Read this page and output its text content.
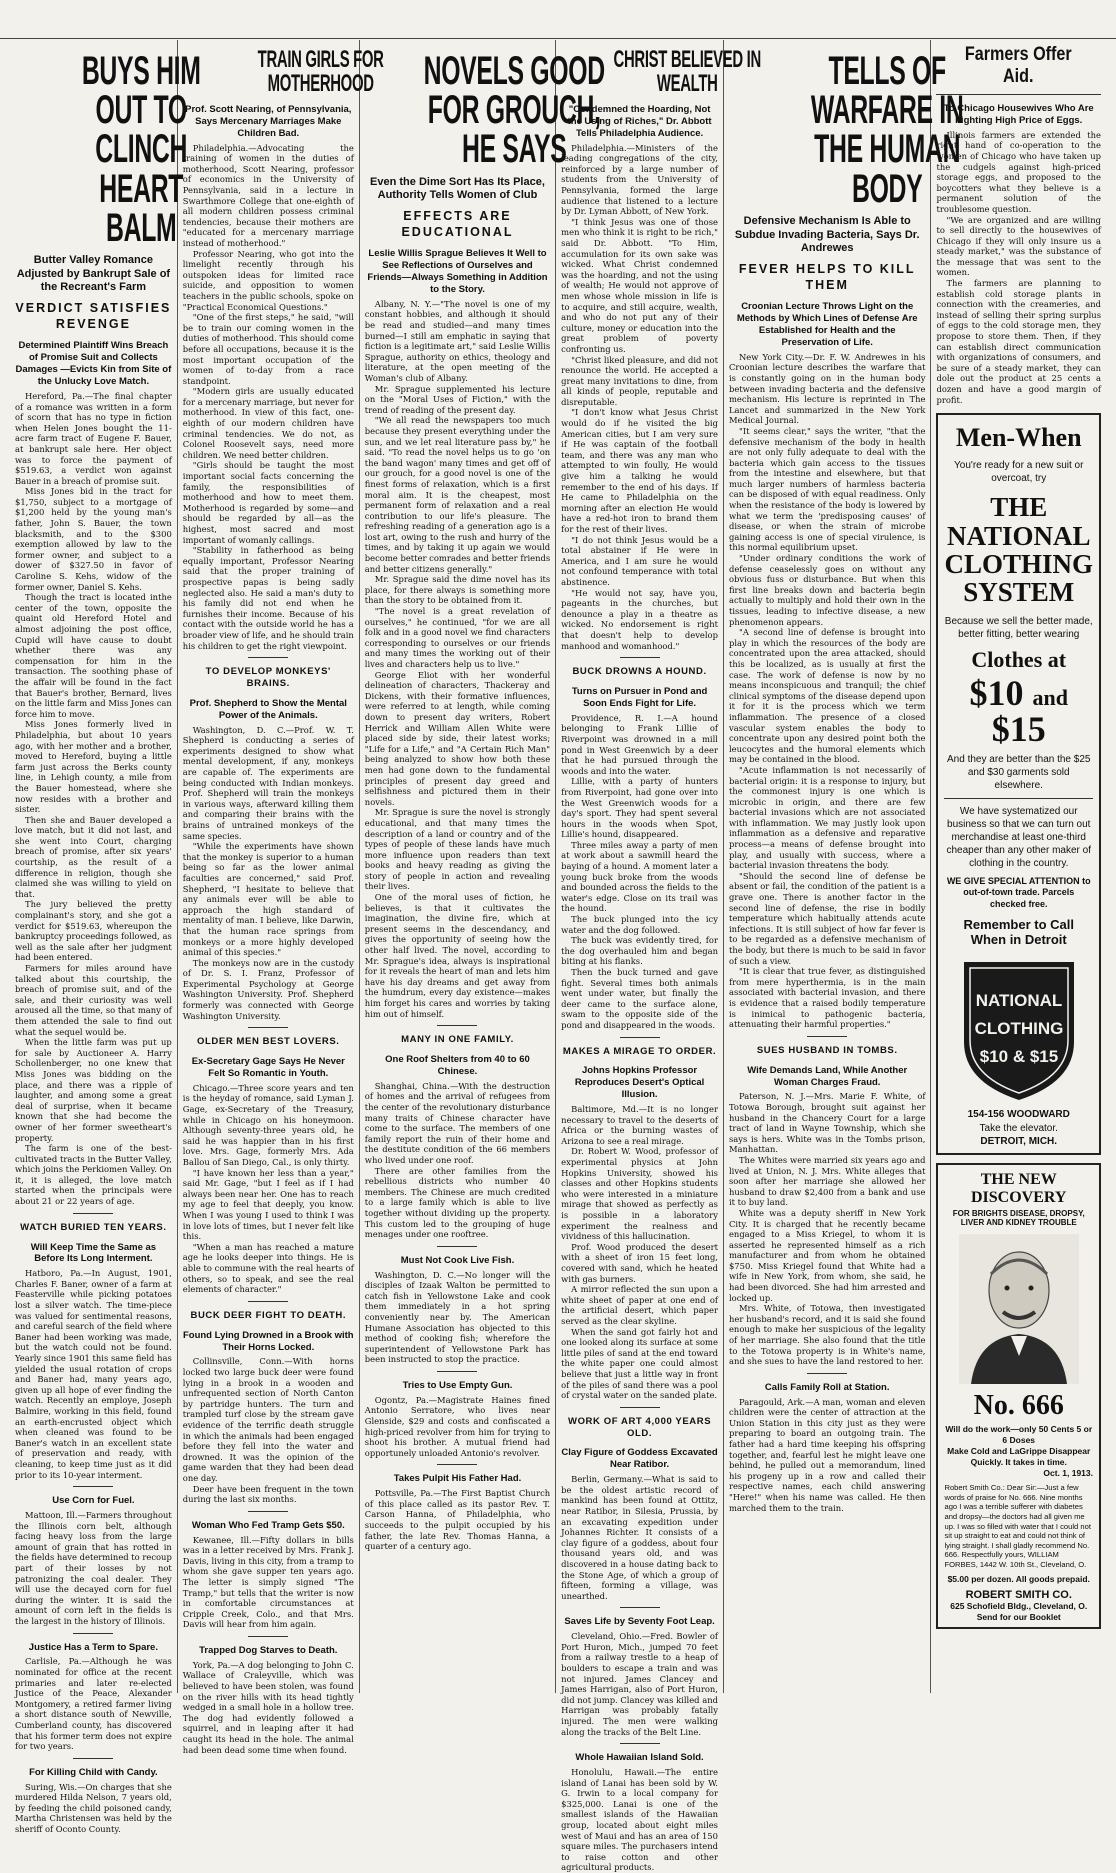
BUYS HIM OUT TO CLINCH HEART BALM
Butter Valley Romance Adjusted by Bankrupt Sale of the Recreant's Farm
VERDICT SATISFIES REVENGE
Determined Plaintiff Wins Breach of Promise Suit and Collects Damages —Evicts Kin from Site of the Unlucky Love Match.

Hereford, Pa.—The final chapter of a romance was written in a form of scorn that has no type in fiction when Helen Jones bought the 11-acre farm tract of Eugene F. Bauer, at bankrupt sale here. Her object was to force the payment of $519.63, a verdict won against Bauer in a breach of promise suit.

Miss Jones bid in the tract for $1,750, subject to a mortgage of $1,200 held by the young man's father, John S. Bauer, the town blacksmith, and to the $300 exemption allowed by law to the former owner, and subject to a dower of $327.50 in favor of Caroline S. Kehs, widow of the former owner, Daniel S. Kehs.

Though the tract is located inthe center of the town, opposite the quaint old Hereford Hotel and almost adjoining the post office, Cupid will have cause to doubt whether there was any compensation for him in the transaction. The soothing phase of the affair will be found in the fact that Bauer's brother, Bernard, lives on the little farm and Miss Jones can force him to move.

Miss Jones formerly lived in Philadelphia, but about 10 years ago, with her mother and a brother, moved to Hereford, buying a little farm just across the Berks county line, in Lehigh county, a mile from the Bauer homestead, where she now resides with a brother and sister.

Then she and Bauer developed a love match, but it did not last, and she went into Court, charging breach of promise, after six years' courtship, as the result of a difference in religion, though she claimed she was willing to yield on that.

The jury believed the pretty complainant's story, and she got a verdict for $519.63, whereupon the bankruptcy proceedings followed, as well as the sale after her judgment had been entered.

Farmers for miles around have talked about this courtship, the breach of promise suit, and of the sale, and their curiosity was well aroused all the time, so that many of them attended the sale to find out what the sequel would be.

When the little farm was put up for sale by Auctioneer A. Harry Schollenberger, no one knew that Miss Jones was bidding on the place, and there was a ripple of laughter, and among some a great deal of surprise, when it became known that she had become the owner of her former sweetheart's property.

The farm is one of the best-cultivated tracts in the Butter Valley, which joins the Perkiomen Valley. On it, it is alleged, the love match started when the principals were about 21 or 22 years of age.

WATCH BURIED TEN YEARS.
Will Keep Time the Same as Before Its Long Interment.

Hatboro, Pa.—In August, 1901, Charles F. Baner, owner of a farm at Feasterville while picking potatoes lost a silver watch. The time-piece was valued for sentimental reasons, and careful search of the field where Baner had been working was made, but the watch could not be found. Yearly since 1901 this same field has yielded the usual rotation of crops and Baner had, many years ago, given up all hope of ever finding the watch. Recently an employe, Joseph Balmire, working in this field, found an earth-encrusted object which when cleaned was found to be Baner's watch in an excellent state of preservation and ready, with cleaning, to keep time just as it did prior to its 10-year interment.

Use Corn for Fuel.

Mattoon, Ill.—Farmers throughout the Illinois corn belt, although facing heavy loss from the large amount of grain that has rotted in the fields have determined to recoup part of their losses by not patronizing the coal dealer. They will use the decayed corn for fuel during the winter. It is said the amount of corn left in the fields is the largest in the history of Illinois.

Justice Has a Term to Spare.

Carlisle, Pa.—Although he was nominated for office at the recent primaries and later re-elected Justice of the Peace, Alexander Montgomery, a retired farmer living a short distance south of Newville, Cumberland county, has discovered that his former term does not expire for two years.

For Killing Child with Candy.

Suring, Wis.—On charges that she murdered Hilda Nelson, 7 years old, by feeding the child poisoned candy, Martha Christensen was held by the sheriff of Oconto County.

TRAIN GIRLS FOR MOTHERHOOD
Prof. Scott Nearing, of Pennsylvania, Says Mercenary Marriages Make Children Bad.

Philadelphia.—Advocating the training of women in the duties of motherhood, Scott Nearing, professor of economics in the University of Pennsylvania, said in a lecture in Swarthmore College that one-eighth of all modern children possess criminal tendencies, because their mothers are "educated for a mercenary marriage instead of motherhood."

Professor Nearing, who got into the limelight recently through his outspoken ideas for limited race suicide, and opposition to women teachers in the public schools, spoke on "Practical Economical Questions."

"One of the first steps," he said, "will be to train our coming women in the duties of motherhood. This should come before all occupations, because it is the most important occupation of the women of to-day from a race standpoint.

"Modern girls are usually educated for a mercenary marriage, but never for motherhood. In view of this fact, one-eighth of our modern children have criminal tendencies. We do not, as Colonel Roosevelt says, need more children. We need better children.

"Girls should be taught the most important social facts concerning the family, the responsibilities of motherhood and how to meet them. Motherhood is regarded by some—and should be regarded by all—as the highest, most sacred and most important of womanly callings.

"Stability in fatherhood as being equally important, Professor Nearing said that the proper training of prospective papas is being sadly neglected also. He said a man's duty to his family did not end when he furnishes their income. Because of his contact with the outside world he has a broader view of life, and he should train his children to get the right viewpoint.

TO DEVELOP MONKEYS' BRAINS.
Prof. Shepherd to Show the Mental Power of the Animals.

Washington, D. C.—Prof. W. T. Shepherd is conducting a series of experiments designed to show what mental development, if any, monkeys are capable of. The experiments are being conducted with Indian monkeys. Prof. Shepherd will train the monkeys in various ways, afterward killing them and comparing their brains with the brains of untrained monkeys of the same species.

"While the experiments have shown that the monkey is superior to a human being so far as the lower animal faculties are concerned," said Prof. Shepherd, "I hesitate to believe that any animals ever will be able to approach the high standard of mentality of man. I believe, like Darwin, that the human race springs from monkeys or a more highly developed animal of this species."

The monkeys now are in the custody of Dr. S. I. Franz, Professor of Experimental Psychology at George Washington University. Prof. Shepherd formerly was connected with George Washington University.

OLDER MEN BEST LOVERS.
Ex-Secretary Gage Says He Never Felt So Romantic in Youth.

Chicago.—Three score years and ten is the heyday of romance, said Lyman J. Gage, ex-Secretary of the Treasury, while in Chicago on his honeymoon. Although seventy-three years old, he said he was happier than in his first love. Mrs. Gage, formerly Mrs. Ada Ballou of San Diego, Cal., is only thirty.

"I have known her less than a year," said Mr. Gage, "but I feel as if I had always been near her. One has to reach my age to feel that deeply, you know. When I was young I used to think I was in love lots of times, but I never felt like this.

"When a man has reached a mature age he looks deeper into things. He is able to commune with the real hearts of others, so to speak, and see the real elements of character."

BUCK DEER FIGHT TO DEATH.
Found Lying Drowned in a Brook with Their Horns Locked.

Collinsville, Conn.—With horns locked two large buck deer were found lying in a brook in a wooden and unfrequented section of North Canton by partridge hunters. The turn and trampled turf close by the stream gave evidence of the terrific death struggle in which the animals had been engaged before they fell into the water and drowned. It was the opinion of the game warden that they had been dead one day.

Deer have been frequent in the town during the last six months.

Woman Who Fed Tramp Gets $50.

Kewanee, Ill.—Fifty dollars in bills was in a letter received by Mrs. Frank J. Davis, living in this city, from a tramp to whom she gave supper ten years ago. The letter is simply signed "The Tramp," but tells that the writer is now in comfortable circumstances at Cripple Creek, Colo., and that Mrs. Davis will hear from him again.

Trapped Dog Starves to Death.

York, Pa.—A dog belonging to John C. Wallace of Craleyville, which was believed to have been stolen, was found on the river hills with its head tightly wedged in a small hole in a hollow tree. The dog had evidently followed a squirrel, and in leaping after it had caught its head in the hole. The animal had been dead some time when found.

NOVELS GOOD FOR GROUCH, HE SAYS
Even the Dime Sort Has Its Place, Authority Tells Women of Club
EFFECTS ARE EDUCATIONAL
Leslie Willis Sprague Believes It Well to See Reflections of Ourselves and Friends—Always Something in Addition to the Story.

Albany, N. Y.—"The novel is one of my constant hobbies, and although it should be read and studied—and many times burned—I still am emphatic in saying that fiction is a legitimate art," said Leslie Willis Sprague, authority on ethics, theology and literature, at the open meeting of the Woman's club of Albany.

Mr. Sprague supplemented his lecture on the "Moral Uses of Fiction," with the trend of reading of the present day.

"We all read the newspapers too much because they present everything under the sun, and we let real literature pass by," he said. "To read the novel helps us to go 'on the band wagon' many times and get off of our grouch, for a good novel is one of the finest forms of relaxation, which is a first moral aim. It is the cheapest, most permanent form of relaxation and a real contribution to our life's pleasure. The refreshing reading of a generation ago is a lost art, owing to the rush and hurry of the times, and by taking it up again we would become better comrades and better friends and better citizens generally."

Mr. Sprague said the dime novel has its place, for there always is something more than the story to be obtained from it.

"The novel is a great revelation of ourselves," he continued, "for we are all folk and in a good novel we find characters corresponding to ourselves or our friends and many times the working out of their lives and characters help us to live."

George Eliot with her wonderful delineation of characters, Thackeray and Dickens, with their formative influences, were referred to at length, while coming down to present day writers, Robert Herrick and William Allen White were placed side by side, their latest works; "Life for a Life," and "A Certain Rich Man" being analyzed to show how both these men had gone down to the fundamental principles of present day greed and selfishness and pictured them in their novels.

Mr. Sprague is sure the novel is strongly educational, and that many times the description of a land or country and of the types of people of these lands have much more influence upon readers than text books and heavy reading as giving the story of people in action and revealing their lives.

One of the moral uses of fiction, he believes, is that it cultivates the imagination, the divine fire, which at present seems in the descendancy, and gives the opportunity of seeing how the other half lived. The novel, according to Mr. Sprague's idea, always is inspirational for it reveals the heart of man and lets him have his day dreams and get away from the humdrum, every day existence—makes him forget his cares and worries by taking him out of himself.

MANY IN ONE FAMILY.
One Roof Shelters from 40 to 60 Chinese.

Shanghai, China.—With the destruction of homes and the arrival of refugees from the center of the revolutionary disturbance many traits of Chinese character have come to the surface. The members of one family report the ruin of their home and the destitute condition of the 66 members who lived under one roof.

There are other families from the rebellious districts who number 40 members. The Chinese are much credited to a large family which is able to live together without dividing up the property. This custom led to the grouping of huge menages under one rooftree.

Must Not Cook Live Fish.

Washington, D. C.—No longer will the disciples of Izaak Walton be permitted to catch fish in Yellowstone Lake and cook them immediately in a hot spring conveniently near by. The American Humane Association has objected to this method of cooking fish; wherefore the superintendent of Yellowstone Park has been instructed to stop the practice.

Tries to Use Empty Gun.

Ogontz, Pa.—Magistrate Haines fined Antonio Serratore, who lives near Glenside, $29 and costs and confiscated a high-priced revolver from him for trying to shoot his brother. A mutual friend had opportunely unloaded Antonio's revolver.

Takes Pulpit His Father Had.

Pottsville, Pa.—The First Baptist Church of this place called as its pastor Rev. T. Carson Hanna, of Philadelphia, who succeeds to the pulpit occupied by his father, the late Rev. Thomas Hanna, a quarter of a century ago.

CHRIST BELIEVED IN WEALTH
"Condemned the Hoarding, Not the Using of Riches," Dr. Abbott Tells Philadelphia Audience.

Philadelphia.—Ministers of the leading congregations of the city, reinforced by a large number of students from the University of Pennsylvania, formed the large audience that listened to a lecture by Dr. Lyman Abbott, of New York.

"I think Jesus was one of those men who think it is right to be rich," said Dr. Abbott. "To Him, accumulation for its own sake was wicked. What Christ condemned was the hoarding, and not the using of wealth; He would not approve of men whose whole mission in life is to acquire, and still acquire, wealth, and who do not put any of their culture, money or education into the great problem of poverty confronting us.

"Christ liked pleasure, and did not renounce the world. He accepted a great many invitations to dine, from all kinds of people, reputable and disreputable.

"I don't know what Jesus Christ would do if he visited the big American cities, but I am very sure if He was captain of the football team, and there was any man who attempted to win foully, He would give him a talking he would remember to the end of his days. If He came to Philadelphia on the morning after an election He would have a red-hot iron to brand them for the rest of their lives.

"I do not think Jesus would be a total abstainer if He were in America, and I am sure he would not confound temperance with total abstinence.

"He would not say, have you, pageants in the churches, but denounce a play in a theatre as wicked. No endorsement is right that doesn't help to develop manhood and womanhood."

BUCK DROWNS A HOUND.
Turns on Pursuer in Pond and Soon Ends Fight for Life.

Providence, R. I.—A hound belonging to Frank Lillie of Riverpoint was drowned in a mill pond in West Greenwich by a deer that he had pursued through the woods and into the water.

Lillie, with a party of hunters from Riverpoint, had gone over into the West Greenwich woods for a day's sport. They had spent several hours in the woods when Spot, Lillie's hound, disappeared.

Three miles away a party of men at work about a sawmill heard the baying of a hound. A moment later a young buck broke from the woods and bounded across the fields to the water's edge. Close on its trail was the hound.

The buck plunged into the icy water and the dog followed.

The buck was evidently tired, for the dog overhauled him and began biting at his flanks.

Then the buck turned and gave fight. Several times both animals went under water, but finally the deer came to the surface alone, swam to the opposite side of the pond and disappeared in the woods.

MAKES A MIRAGE TO ORDER.
Johns Hopkins Professor Reproduces Desert's Optical Illusion.

Baltimore, Md.—It is no longer necessary to travel to the deserts of Africa or the burning wastes of Arizona to see a real mirage.

Dr. Robert W. Wood, professor of experimental physics at John Hopkins University, showed his classes and other Hopkins students who were interested in a miniature mirage that showed as perfectly as is possible in a laboratory experiment the realness and vividness of this hallucination.

Prof. Wood produced the desert with a sheet of iron 15 feet long, covered with sand, which he heated with gas burners.

A mirror reflected the sun upon a white sheet of paper at one end of the artificial desert, which paper served as the clear skyline.

When the sand got fairly hot and one looked along its surface at some little piles of sand at the end toward the white paper one could almost believe that just a little way in front of the piles of sand there was a pool of crystal water on the sanded plate.

WORK OF ART 4,000 YEARS OLD.
Clay Figure of Goddess Excavated Near Ratibor.

Berlin, Germany.—What is said to be the oldest artistic record of mankind has been found at Ottitz, near Ratibor, in Silesia, Prussia, by an excavating expedition under Johannes Richter. It consists of a clay figure of a goddess, about four thousand years old, and was discovered in a house dating back to the Stone Age, of which a group of fifteen, forming a village, was unearthed.

Saves Life by Seventy Foot Leap.

Cleveland, Ohio.—Fred. Bowler of Port Huron, Mich., jumped 70 feet from a railway trestle to a heap of boulders to escape a train and was not injured. James Clancey and James Harrigan, also of Port Huron, did not jump. Clancey was killed and Harrigan was probably fatally injured. The men were walking along the tracks of the Belt Line.

Whole Hawaiian Island Sold.

Honolulu, Hawaii.—The entire island of Lanai has been sold by W. G. Irwin to a local company for $325,000. Lanai is one of the smallest islands of the Hawaiian group, located about eight miles west of Maui and has an area of 150 square miles. The purchasers intend to raise cotton and other agricultural products.

TELLS OF WARFARE IN THE HUMAN BODY
Defensive Mechanism Is Able to Subdue Invading Bacteria, Says Dr. Andrewes
FEVER HELPS TO KILL THEM
Croonian Lecture Throws Light on the Methods by Which Lines of Defense Are Established for Health and the Preservation of Life.

New York City.—Dr. F. W. Andrewes in his Croonian lecture describes the warfare that is constantly going on in the human body between invading bacteria and the defensive mechanism. His lecture is reprinted in The Lancet and summarized in the New York Medical Journal.

"It seems clear," says the writer, "that the defensive mechanism of the body in health are not only fully adequate to deal with the bacteria which gain access to the tissues from the intestine and elsewhere, but that much larger numbers of harmless bacteria can be disposed of with equal readiness. Only when the resistance of the body is lowered by what we term the 'predisposing causes' of disease, or when the strain of microbe gaining access is one of special virulence, is this normal equilibrium upset.

"Under ordinary conditions the work of defense ceaselessly goes on without any obvious fuss or disturbance. But when this first line breaks down and bacteria begin actually to multiply and hold their own in the tissues, leading to infective disease, a new phenomenon appears.

"A second line of defense is brought into play in which the resources of the body are concentrated upon the area attacked, should this be localized, as is usually at first the case. The work of defense is now by no means inconspicuous and tranquil; the chief clinical symptoms of the disease depend upon it for it is the process which we term inflammation. The presence of a closed vascular system enables the body to concentrate upon any desired point both the leucocytes and the humoral elements which may be contained in the blood.

"Acute inflammation is not necessarily of bacterial origin: it is a response to injury, but the commonest injury is one which is microbic in origin, and there are few bacterial invasions which are not associated with inflammation. We may justly look upon inflammation as a defensive and reparative process—a means of defense brought into play, and usually with success, where a bacterial invasion threatens the body.

"Should the second line of defense be absent or fail, the condition of the patient is a grave one. There is another factor in the second line of defense, the rise in bodily temperature which habitually attends acute infections. It is still subject of how far fever is to be regarded as a defensive mechanism of the body, but there is much to be said in favor of such a view.

"It is clear that true fever, as distinguished from mere hyperthermia, is in the main associated with bacterial invasion, and there is evidence that a raised bodily temperature is inimical to pathogenic bacteria, attenuating their harmful properties."

SUES HUSBAND IN TOMBS.
Wife Demands Land, While Another Woman Charges Fraud.

Paterson, N. J.—Mrs. Marie F. White, of Totowa Borough, brought suit against her husband in the Chancery Court for a large tract of land in Wayne Township, which she says is hers. White was in the Tombs prison, Manhattan.

The Whites were married six years ago and lived at Union, N. J. Mrs. White alleges that soon after her marriage she allowed her husband to draw $2,400 from a bank and use it to buy land.

White was a deputy sheriff in New York City. It is charged that he recently became engaged to a Miss Kriegel, to whom it is asserted he represented himself as a rich manufacturer and from whom he obtained $750. Miss Kriegel found that White had a wife in New York, from whom, she said, he had been divorced. She had him arrested and locked up.

Mrs. White, of Totowa, then investigated her husband's record, and it is said she found enough to make her suspicious of the legality of her marriage. She also found that the title to the Totowa property is in White's name, and she sues to have the land restored to her.

Calls Family Roll at Station.

Paragould, Ark.—A man, woman and eleven children were the center of attraction at the Union Station in this city just as they were preparing to board an outgoing train. The father had a hard time keeping his offspring together, and, fearful lest he might leave one behind, he pulled out a memorandum, lined his progeny up in a row and called their respective names, each child answering "Here!" when his name was called. He then marched them to the train.

Farmers Offer Aid.
To Chicago Housewives Who Are Fighting High Price of Eggs.

Illinois farmers are extended the right hand of co-operation to the women of Chicago who have taken up the cudgels against high-priced storage eggs, and proposed to the boycotters what they believe is a permanent solution of the troublesome question.

"We are organized and are willing to sell directly to the housewives of Chicago if they will only insure us a steady market," was the substance of the message that was sent to the women.

The farmers are planning to establish cold storage plants in connection with the creameries, and instead of selling their spring surplus of eggs to the cold storage men, they propose to store them. Then, if they can establish direct communication with organizations of consumers, and be sure of a steady market, they can dole out the product at 25 cents a dozen and have a good margin of profit.

Men-When
You're ready for a new suit or overcoat, try
THE NATIONAL CLOTHING SYSTEM
Because we sell the better made, better fitting, better wearing
Clothes at
$10 and $15
And they are better than the $25 and $30 garments sold elsewhere.
We have systematized our business so that we can turn out merchandise at least one-third cheaper than any other maker of clothing in the country.
WE GIVE SPECIAL ATTENTION to out-of-town trade. Parcels checked free.
Remember to Call When in Detroit
NATIONAL
CLOTHING
$10 & $15
154-156 WOODWARD
Take the elevator.
DETROIT, MICH.
THE NEW DISCOVERY
FOR BRIGHTS DISEASE, DROPSY, LIVER AND KIDNEY TROUBLE
No. 666
Will do the work—only 50 Cents 5 or 6 Doses
Make Cold and LaGrippe Disappear Quickly. It takes in time.
Oct. 1, 1913.
Robert Smith Co.: Dear Sir:—Just a few words of praise for No. 666. Nine months ago I was a terrible sufferer with diabetes and dropsy—the doctors had all given me up. I was so filled with water that I could not sit up straight to eat and could not think of lying straight. I shall gladly recommend No. 666. Respectfully yours, WILLIAM FORBES, 1442 W. 10th St., Cleveland, O.
$5.00 per dozen. All goods prepaid.
ROBERT SMITH CO.
625 Schofield Bldg., Cleveland, O.
Send for our Booklet
